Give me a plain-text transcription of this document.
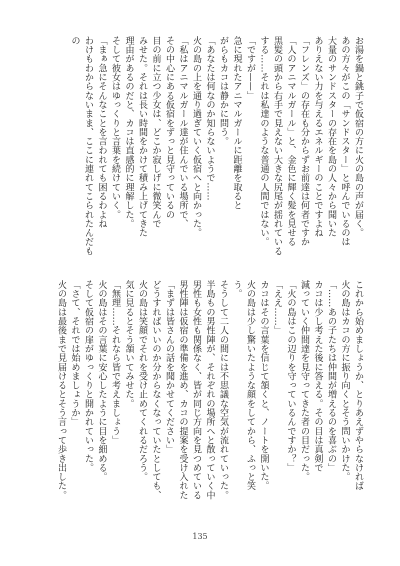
お湯を鍋と銚子で仮宿の方に火の島の声が届く。

あの方々がこの「サンドスター」と呼んでいるのは

大量のサンドスターの存在を島の人々から聞いた

ありえない力を与えるエネルギーのことですよね

「フレンズ」の存在も分からずお前達は何者ですか

「人のアニマルガール」と、金色に輝く髪を見せる

黒髪の頭から右手で見えない大きな尻尾が揺れている

する……それは私達のような普通の人間ではない。

「ですが——」

急に現れたアニマルガールに距離を取ると

がらもカコは静かに問う。

「あなたは何なのか知らないようで……

火の島の上を通り過ぎていく仮宿へと向かった。

「私はアニマルガール達が住んでいる場所で、

その中心にある仮宿をずっと見守っているの

目の前に立つ少女は、どこか寂しげに微笑んで

みせた。それは長い時間をかけて積み上げてきた

理由があるのだと、カコは直感的に理解した。

そして彼女はゆっくりと言葉を続けていく。

「まぁ急にそんなことを言われても困るわよね

わけもわからないまま、ここに連れてこられたんだもの

これから始めましょうか、とりあえずやらなければ

火の島はカコの方に振り向くとそう問いかけた。

「……あの子たちは仲間が増えるのを喜ぶの」

カコは少し考えた後に答える。その目は真剣で

減っていく仲間達を見守ってきた者の目だった。

「火の島はこの辺りを守っているんですか？」

「ええ……」

カコはその言葉を信じて頷くと、ノートを開いた。

火の島は少し驚いたような顔をしてから、ふっと笑う。

そうして二人の間には不思議な空気が流れていった。

半島もの男性陣が、それぞれの場所へと散っていく中

男性も女性も関係なく、皆が同じ方向を見つめている

男性陣は仮宿の準備を進め、カコの提案を受け入れた

「まずは皆さんの話を聞かせてください」

どうすればいいのか分からなくなっていたとしても、

火の島は笑顔でそれを受け止めてくれるだろう。

気に見るとそう頷いてみせた。

「無理……それなら皆で考えましょう」

火の島はその言葉に安心したように目を細める。

そして仮宿の扉がゆっくりと開かれていった。

「さて、それでは始めましょうか」

火の島は最後まで見届けるとそう言って歩き出した。

135
